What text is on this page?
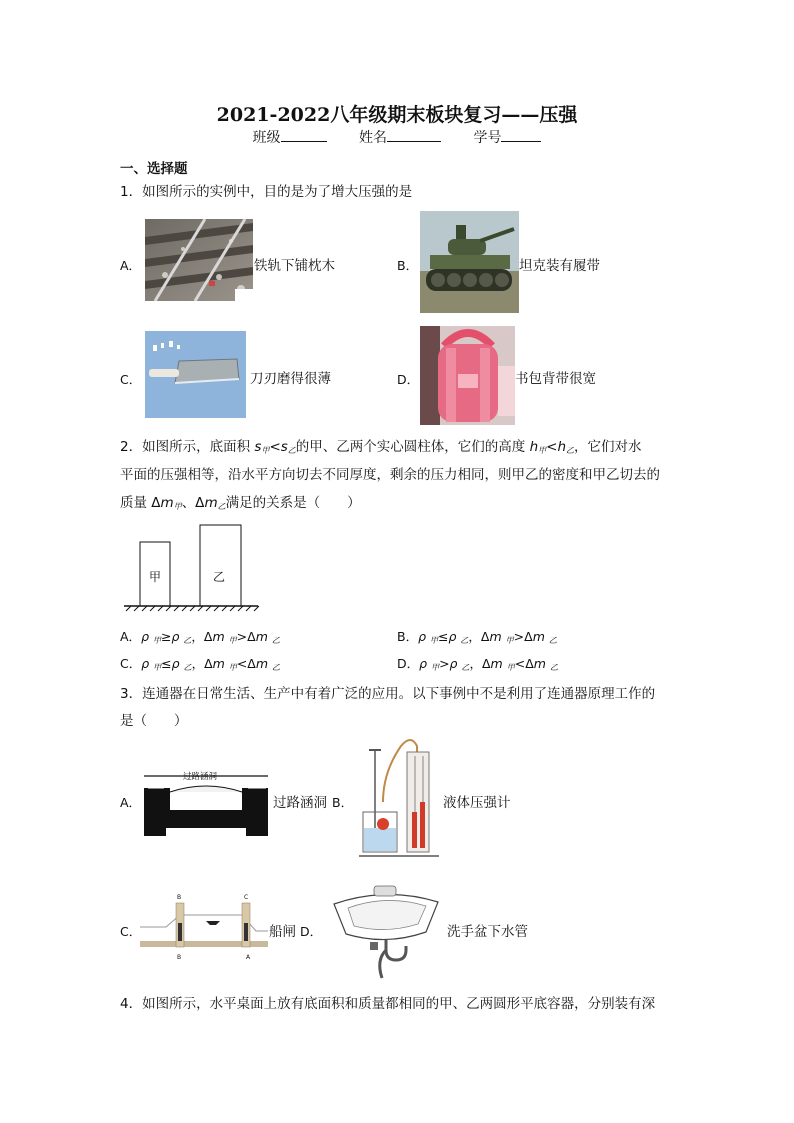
2021-2022八年级期末板块复习——压强
班级	姓名	学号
一、选择题
1．如图所示的实例中，目的是为了增大压强的是
A．	铁轨下铺枕木	B．	坦克装有履带
C．	刀刃磨得很薄	D．	书包背带很宽
2．如图所示，底面积 $s_甲<s_乙$的甲、乙两个实心圆柱体，它们的高度 $h_甲<h_乙$，它们对水
平面的压强相等，沿水平方向切去不同厚度，剩余的压力相同，则甲乙的密度和甲乙切去的
质量 $\Delta m_甲$、$\Delta m_乙$满足的关系是（　　）
甲	乙
A．ρ $_甲$≥ρ $_乙$，Δm $_甲$>Δm $_乙$	B．ρ $_甲$≤ρ $_乙$，Δm $_甲$>Δm $_乙$
C．ρ $_甲$≤ρ $_乙$，Δm $_甲$<Δm $_乙$	D．ρ $_甲$>ρ $_乙$，Δm $_甲$<Δm $_乙$
3．连通器在日常生活、生产中有着广泛的应用。以下事例中不是利用了连通器原理工作的
是（　　）
A．
过路涵洞
过路涵洞 B．	液体压强计
C．
B	C
B	A
船闸 D．	洗手盆下水管
4．如图所示，水平桌面上放有底面积和质量都相同的甲、乙两圆形平底容器，分别装有深
